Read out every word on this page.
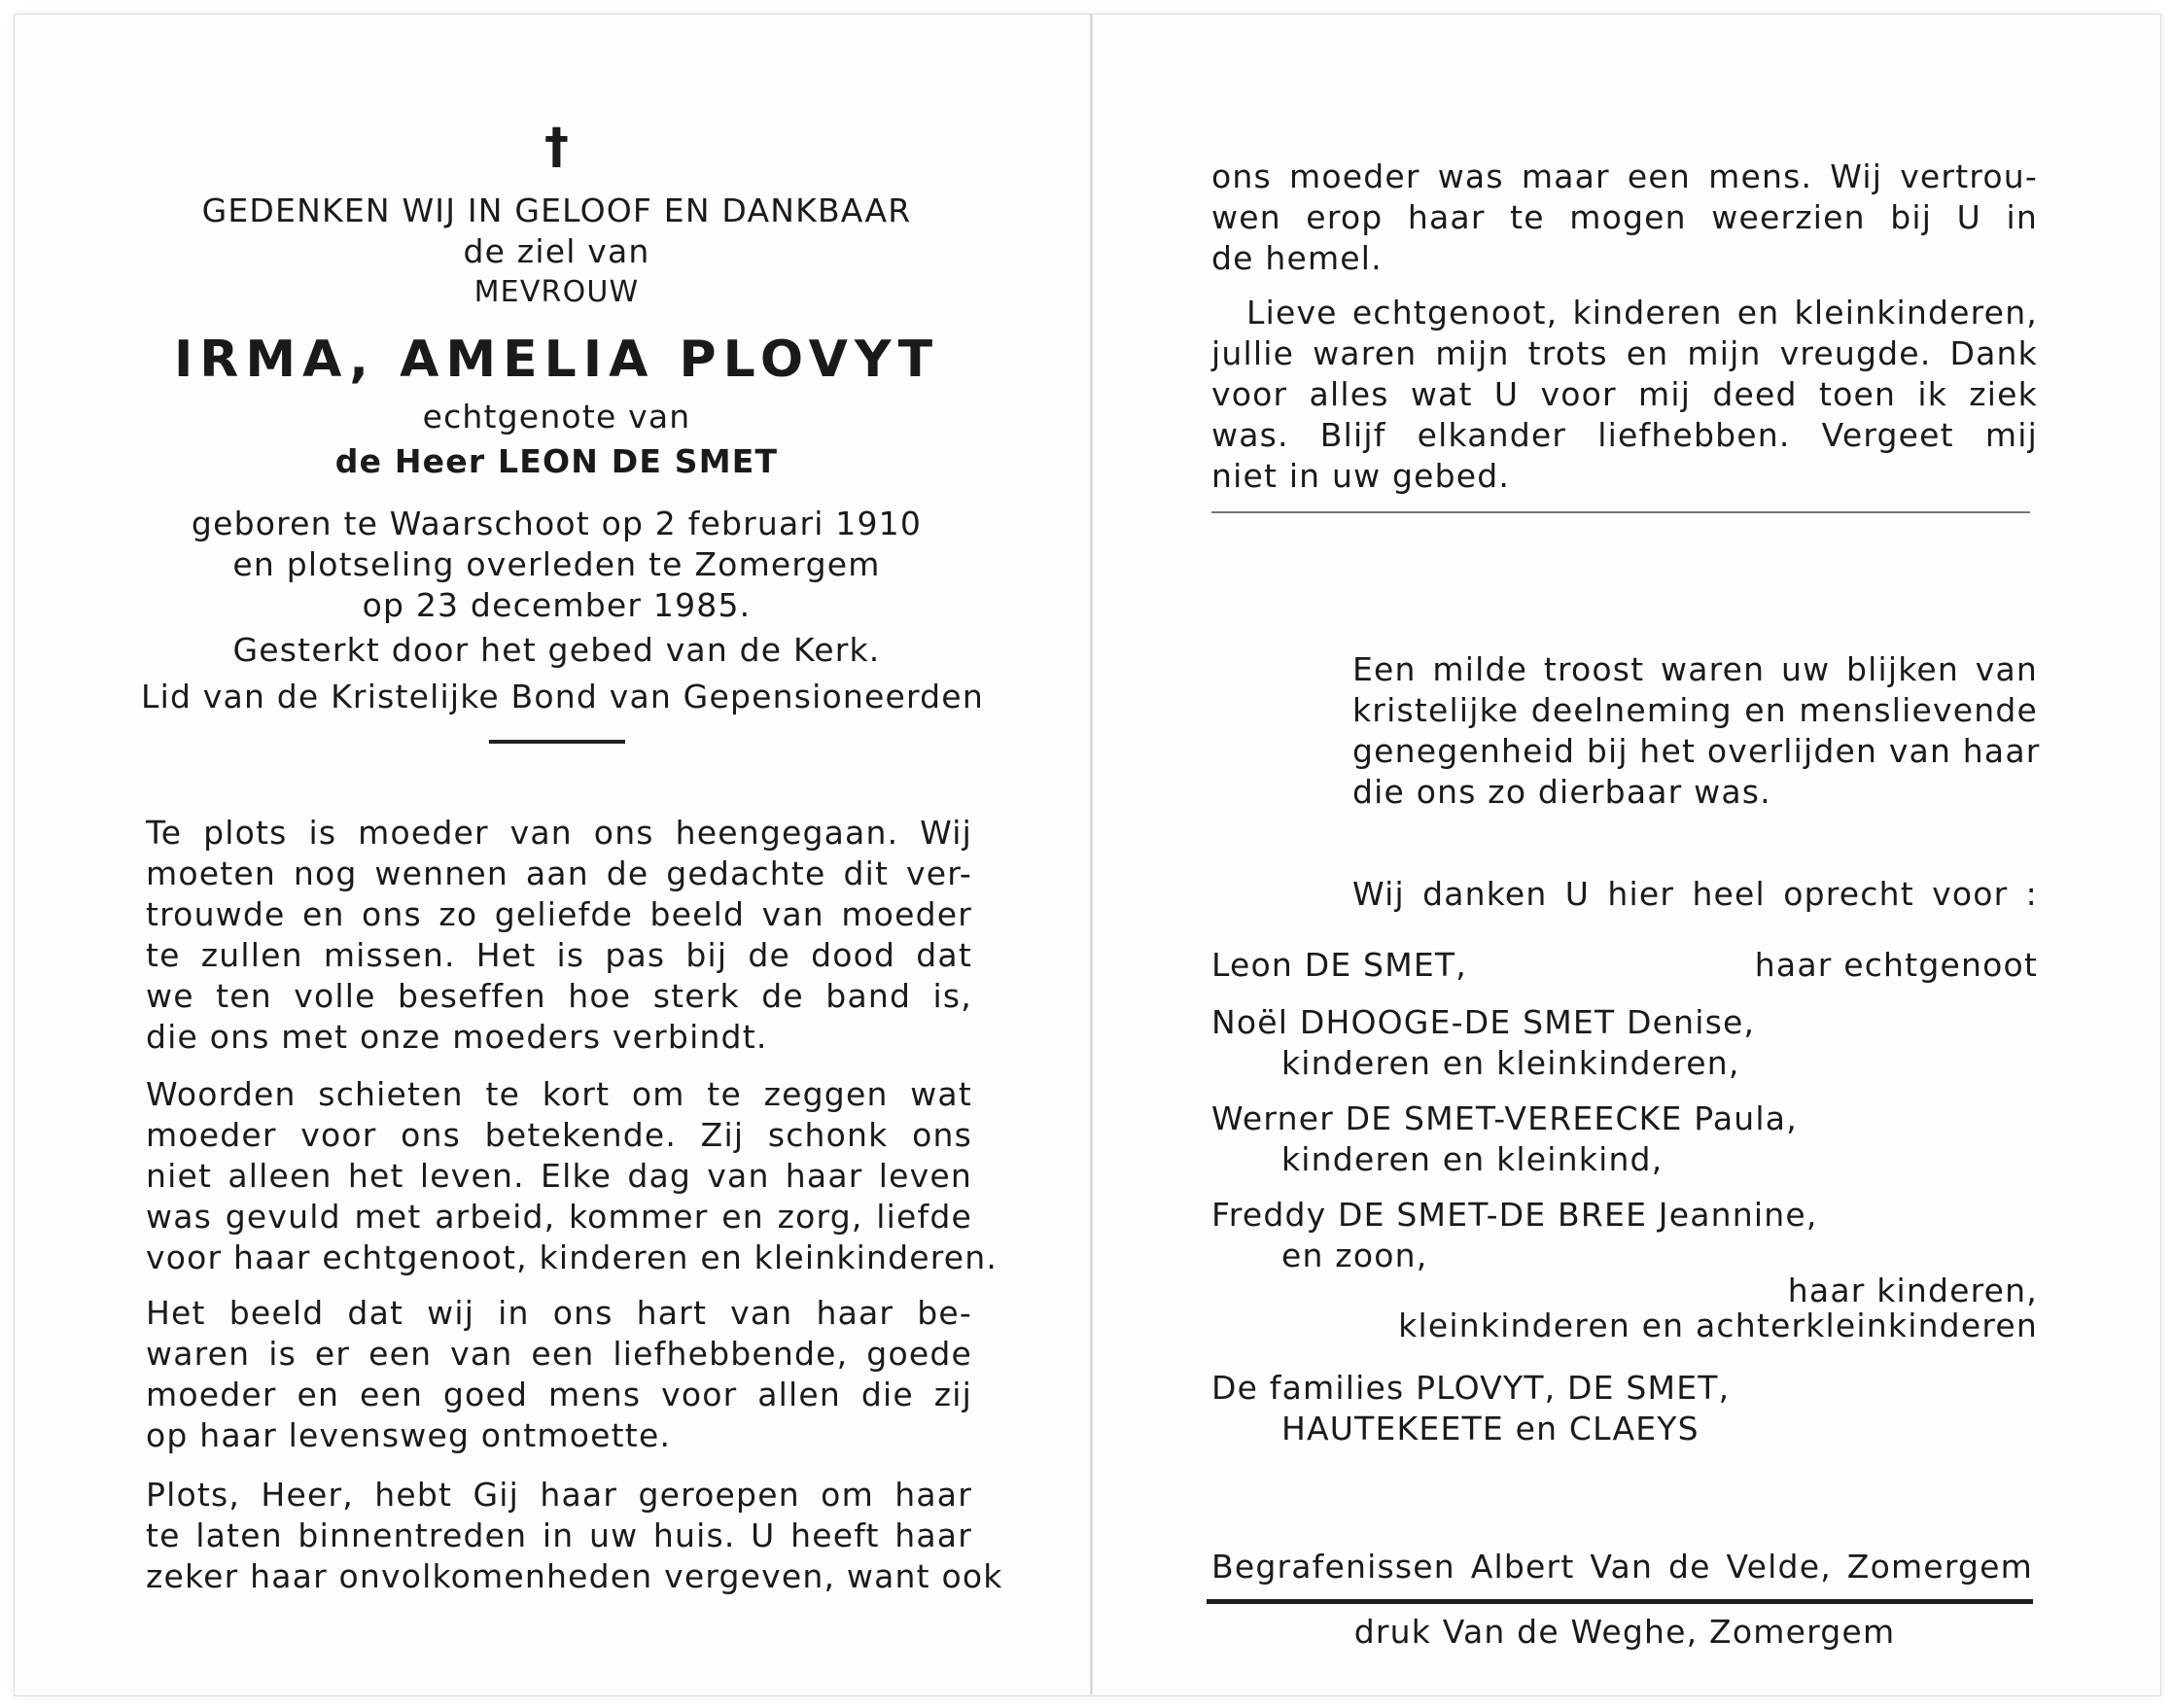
†
GEDENKEN WIJ IN GELOOF EN DANKBAAR
de ziel van
MEVROUW
IRMA, AMELIA PLOVYT
echtgenote van
de Heer LEON DE SMET
geboren te Waarschoot op 2 februari 1910
en plotseling overleden te Zomergem
op 23 december 1985.
Gesterkt door het gebed van de Kerk.
Lid van de Kristelijke Bond van Gepensioneerden
Te plots is moeder van ons heengegaan. Wij
moeten nog wennen aan de gedachte dit ver-
trouwde en ons zo geliefde beeld van moeder
te zullen missen. Het is pas bij de dood dat
we ten volle beseffen hoe sterk de band is,
die ons met onze moeders verbindt.
Woorden schieten te kort om te zeggen wat
moeder voor ons betekende. Zij schonk ons
niet alleen het leven. Elke dag van haar leven
was gevuld met arbeid, kommer en zorg, liefde
voor haar echtgenoot, kinderen en kleinkinderen.
Het beeld dat wij in ons hart van haar be-
waren is er een van een liefhebbende, goede
moeder en een goed mens voor allen die zij
op haar levensweg ontmoette.
Plots, Heer, hebt Gij haar geroepen om haar
te laten binnentreden in uw huis. U heeft haar
zeker haar onvolkomenheden vergeven, want ook
ons moeder was maar een mens. Wij vertrou-
wen erop haar te mogen weerzien bij U in
de hemel.
Lieve echtgenoot, kinderen en kleinkinderen,
jullie waren mijn trots en mijn vreugde. Dank
voor alles wat U voor mij deed toen ik ziek
was. Blijf elkander liefhebben. Vergeet mij
niet in uw gebed.
Een milde troost waren uw blijken van
kristelijke deelneming en menslievende
genegenheid bij het overlijden van haar
die ons zo dierbaar was.
Wij danken U hier heel oprecht voor :
Leon DE SMET,	haar echtgenoot
Noël DHOOGE-DE SMET Denise,
kinderen en kleinkinderen,
Werner DE SMET-VEREECKE Paula,
kinderen en kleinkind,
Freddy DE SMET-DE BREE Jeannine,
en zoon,
haar kinderen,
kleinkinderen en achterkleinkinderen
De families PLOVYT, DE SMET,
HAUTEKEETE en CLAEYS
Begrafenissen Albert Van de Velde, Zomergem
druk Van de Weghe, Zomergem
